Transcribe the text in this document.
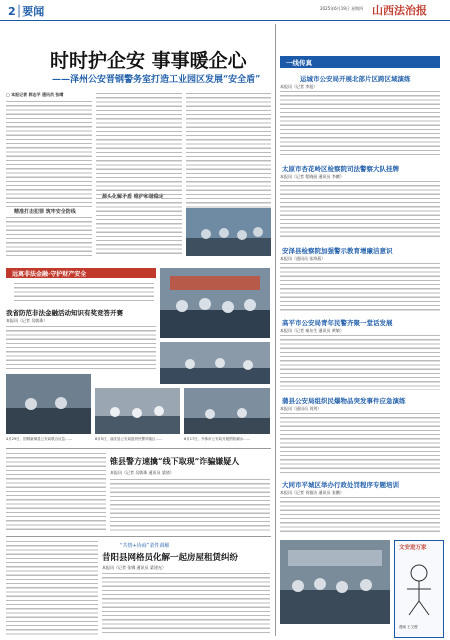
2│要闻	2025年6月19日 星期四 山西法治报
时时护企安 事事暖企心
——泽州公安晋钢警务室打造工业园区发展“安全盾”
□ 本报记者 郭志平 通讯员 张晴
精准打击犯罪 筑牢安全防线
源头化解矛盾 维护和谐稳定
远离非法金融·守护财产安全
我省防范非法金融活动知识有奖竞答开赛
本报讯（记者 吴敏珠）
4月29日，国网新绛县公安局联合应急……	6月5日，曲沃县公安局组织民警对辖区……	6月17日，介休市公安局开展预防溺水……
锥县警方速擒“线下取现”诈骗嫌疑人
本报讯（记者 吴敏珠 通讯员 梁倩）
“共情+协商”柔性调解
昔阳县网格员化解一起房屋租赁纠纷
本报讯（记者 张娜 通讯员 梁建光）
一线传真
运城市公安局开展北部片区跨区域演练
本报讯（记者 李旭）
太原市杏花岭区检察院司法警察大队挂牌
本报讯（记者 程晓丽 通讯员 李鹏）
安泽县检察院加强警示教育增廉洁意识
本报讯（通讯员 张海燕）
高平市公安局青年民警齐聚一堂话发展
本报讯（记者 秦东生 通讯员 黄敏）
蒲县公安局组织民爆物品突发事件应急演练
本报讯（通讯员 刘剑）
大同市平城区举办行政处罚程序专题培训
本报讯（记者 刘雅洁 通讯员 张鹏）
文安进万家
漫画 王文俊
